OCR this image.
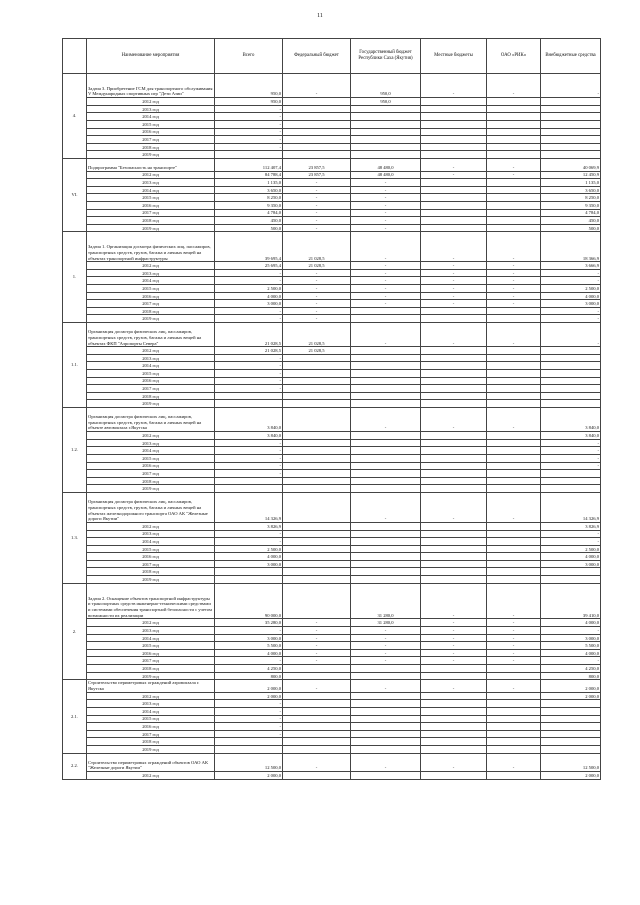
11
	Наименование мероприятия	Всего	Федеральный бюджет	Государственный бюджет Республики Саха (Якутия)	Местные бюджеты	ОАО «РИК»	Внебюджетные средства
4.	Задача 3. Приобретение ГСМ для транспортного обслуживания V Международных спортивных игр "Дети Азии"	950,0	-	950,0	-	-	-
	2012 год	950,0		950,0			
	2013 год	-					
	2014 год	-					
	2015 год	-					
	2016 год	-					
	2017 год	-					
	2018 год	-					
	2019 год						
VI.	Подпрограмма "Безопасность на транспорте"	112 407,4	23 857,5	48 480,0	-	-	40 069,9
	2012 год	84 788,4	23 857,5	48 480,0	-	-	12 450,9
	2013 год	1 135,0	-	-			1 135,0
	2014 год	3 650,0	-	-			3 650,0
	2015 год	8 250,0	-	-			8 250,0
	2016 год	9 350,0	-	-			9 350,0
	2017 год	4 784,0	-	-			4 784,0
	2018 год	450,0	-	-			450,0
	2019 год	500,0	-	-			500,0
1.	Задача 1. Организация досмотра физических лиц, пассажиров, транспортных средств, грузов, багажа и личных вещей на объектах транспортной инфраструктуры	39 695,4	21 028,5	-	-	-	18 366,9
	2012 год	25 695,4	21 028,5	-	-	-	3 666,9
	2013 год	-	-	-	-	-	-
	2014 год	-	-	-	-	-	-
	2015 год	2 500,0	-	-	-	-	2 500,0
	2016 год	4 000,0	-	-	-	-	4 000,0
	2017 год	3 000,0	-	-	-	-	3 000,0
	2018 год	-	-				-
	2019 год	-	-				-
1.1.	Организация досмотра физических лиц, пассажиров, транспортных средств, грузов, багажа и личных вещей на объектах ФКП "Аэропорты Севера"	21 028,5	21 028,5	-	-	-	-
	2012 год	21 028,5	21 028,5				
	2013 год	-					
	2014 год	-					
	2015 год	-					
	2016 год	-					
	2017 год	-					
	2018 год						
	2019 год						
1.2.	Организация досмотра физических лиц, пассажиров, транспортных средств, грузов, багажа и личных вещей на объекте автовокзала г.Якутска	3 840,0		-	-	-	3 840,0
	2012 год	3 840,0					3 840,0
	2013 год	-					-
	2014 год	-					-
	2015 год	-					-
	2016 год	-					-
	2017 год	-					
	2018 год						
	2019 год						
1.3.	Организация досмотра физических лиц, пассажиров, транспортных средств, грузов, багажа и личных вещей на объектах железнодорожного транспорта ОАО АК "Железные дороги Якутии"	14 326,9		-	-	-	14 326,9
	2012 год	3 826,9					3 826,9
	2013 год	-					-
	2014 год	-					-
	2015 год	2 500,0					2 500,0
	2016 год	4 000,0					4 000,0
	2017 год	3 000,0					3 000,0
	2018 год						
	2019 год						
2.	Задача 2. Оснащение объектов транспортной инфраструктуры и транспортных средств инженерно-техническими средствами и системами обеспечения транспортной безопасности с учетом возможности их реализации	90 000,0		31 280,0	-	-	39 410,0
	2012 год	35 280,0	-	31 280,0	-	-	4 000,0
	2013 год	-	-	-	-	-	-
	2014 год	3 000,0	-	-	-	-	3 000,0
	2015 год	5 500,0	-	-	-	-	5 500,0
	2016 год	4 000,0	-	-	-	-	4 000,0
	2017 год	-	-	-	-	-	-
	2018 год	4 250,0					4 250,0
	2019 год	800,0					800,0
2.1.	Строительство периметровых ограждений аэровокзала г. Якутска	2 000,0	-	-	-	-	2 000,0
	2012 год	2 000,0					2 000,0
	2013 год	-					
	2014 год	-					
	2015 год	-					
	2016 год	-					
	2017 год	-					
	2018 год						
	2019 год						
2.2.	Строительство периметровых ограждений объектов ОАО АК "Железные дороги Якутии"	12 500,0	-	-	-	-	12 500,0
	2012 год	2 000,0					2 000,0
